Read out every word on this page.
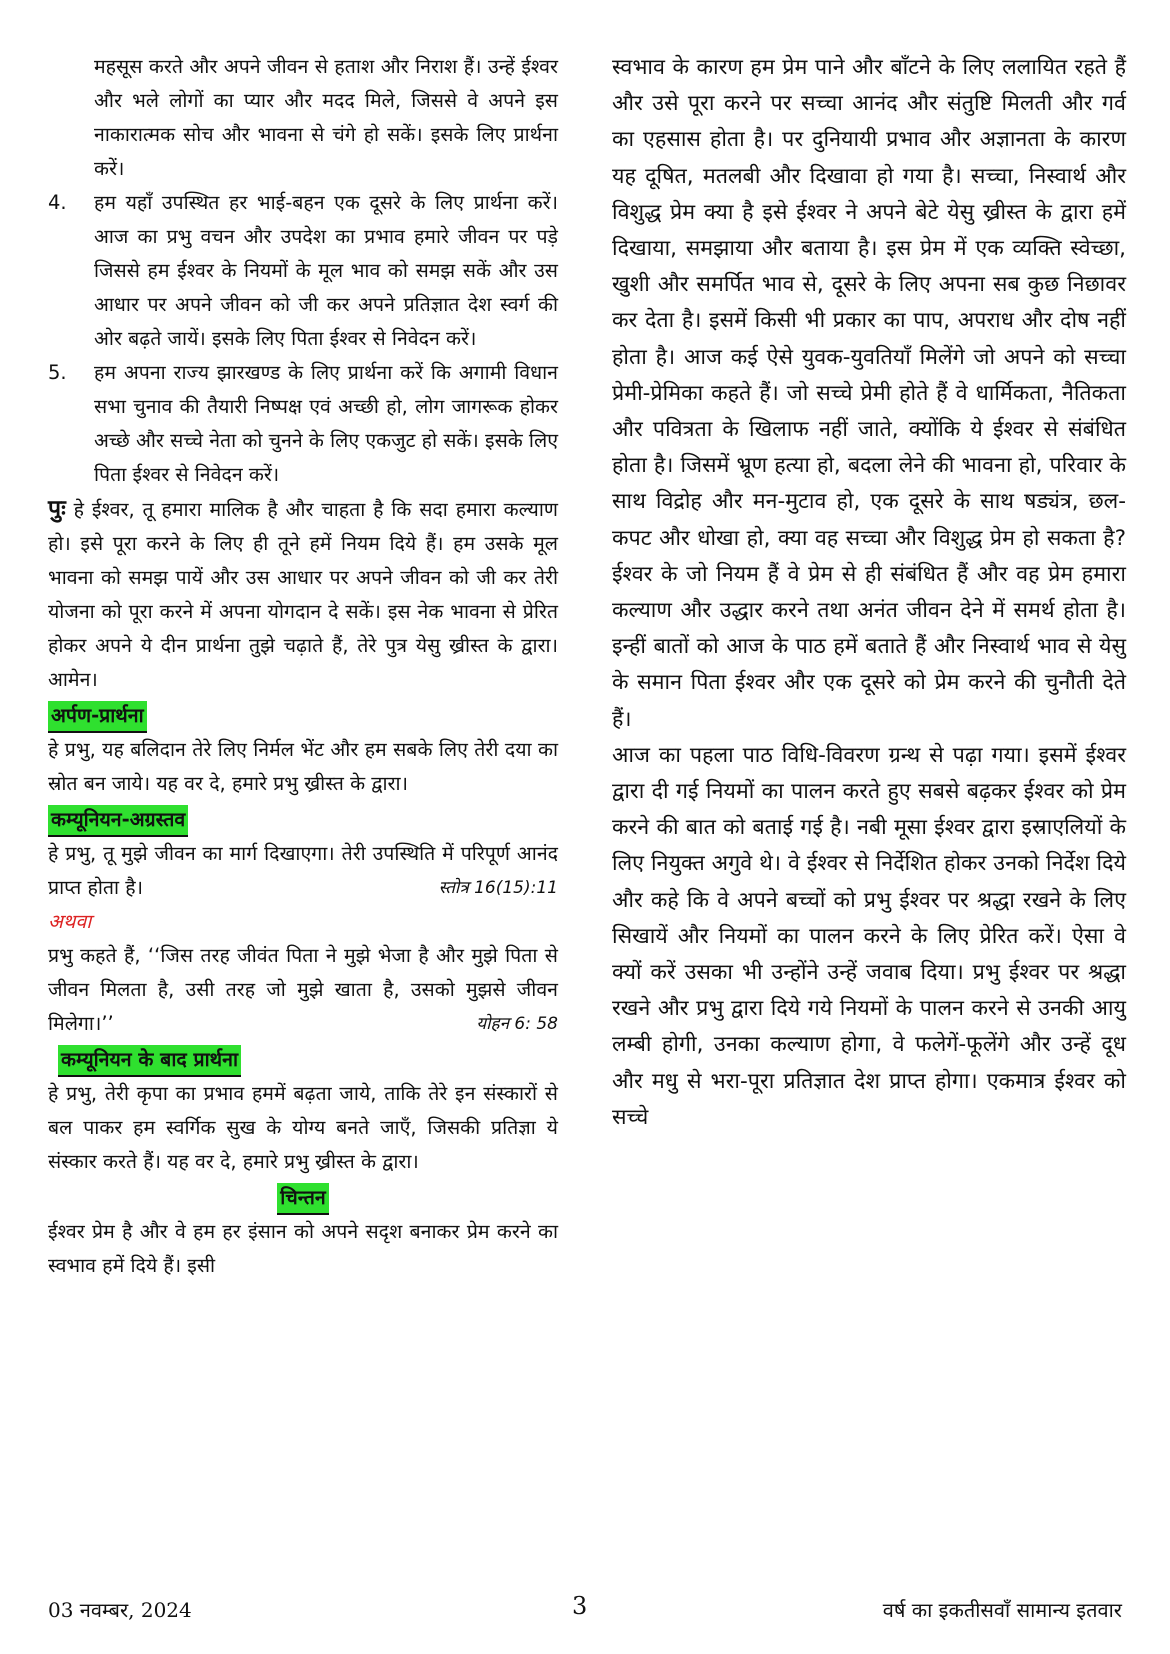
महसूस करते और अपने जीवन से हताश और निराश हैं। उन्हें ईश्वर और भले लोगों का प्यार और मदद मिले, जिससे वे अपने इस नाकारात्मक सोच और भावना से चंगे हो सकें। इसके लिए प्रार्थना करें।

4.	हम यहाँ उपस्थित हर भाई-बहन एक दूसरे के लिए प्रार्थना करें। आज का प्रभु वचन और उपदेश का प्रभाव हमारे जीवन पर पड़े जिससे हम ईश्वर के नियमों के मूल भाव को समझ सकें और उस आधार पर अपने जीवन को जी कर अपने प्रतिज्ञात देश स्वर्ग की ओर बढ़ते जायें। इसके लिए पिता ईश्वर से निवेदन करें।
5.	हम अपना राज्य झारखण्ड के लिए प्रार्थना करें कि अगामी विधान सभा चुनाव की तैयारी निष्पक्ष एवं अच्छी हो, लोग जागरूक होकर अच्छे और सच्चे नेता को चुनने के लिए एकजुट हो सकें। इसके लिए पिता ईश्वर से निवेदन करें।

पुः हे ईश्वर, तू हमारा मालिक है और चाहता है कि सदा हमारा कल्याण हो। इसे पूरा करने के लिए ही तूने हमें नियम दिये हैं। हम उसके मूल भावना को समझ पायें और उस आधार पर अपने जीवन को जी कर तेरी योजना को पूरा करने में अपना योगदान दे सकें। इस नेक भावना से प्रेरित होकर अपने ये दीन प्रार्थना तुझे चढ़ाते हैं, तेरे पुत्र येसु ख्रीस्त के द्वारा। आमेन।

अर्पण-प्रार्थना

हे प्रभु, यह बलिदान तेरे लिए निर्मल भेंट और हम सबके लिए तेरी दया का स्रोत बन जाये। यह वर दे, हमारे प्रभु ख्रीस्त के द्वारा।

कम्यूनियन-अग्रस्तव

हे प्रभु, तू मुझे जीवन का मार्ग दिखाएगा। तेरी उपस्थिति में परिपूर्ण आनंद प्राप्त होता है।	स्तोत्र 16(15):11

अथवा

प्रभु कहते हैं, ‘‘जिस तरह जीवंत पिता ने मुझे भेजा है और मुझे पिता से जीवन मिलता है, उसी तरह जो मुझे खाता है, उसको मुझसे जीवन मिलेगा।’’	योहन 6: 58

कम्यूनियन के बाद प्रार्थना

हे प्रभु, तेरी कृपा का प्रभाव हममें बढ़ता जाये, ताकि तेरे इन संस्कारों से बल पाकर हम स्वर्गिक सुख के योग्य बनते जाएँ, जिसकी प्रतिज्ञा ये संस्कार करते हैं। यह वर दे, हमारे प्रभु ख्रीस्त के द्वारा।

चिन्तन

ईश्वर प्रेम है और वे हम हर इंसान को अपने सदृश बनाकर प्रेम करने का स्वभाव हमें दिये हैं। इसी

स्वभाव के कारण हम प्रेम पाने और बाँटने के लिए ललायित रहते हैं और उसे पूरा करने पर सच्चा आनंद और संतुष्टि मिलती और गर्व का एहसास होता है। पर दुनियायी प्रभाव और अज्ञानता के कारण यह दूषित, मतलबी और दिखावा हो गया है। सच्चा, निस्वार्थ और विशुद्ध प्रेम क्या है इसे ईश्वर ने अपने बेटे येसु ख्रीस्त के द्वारा हमें दिखाया, समझाया और बताया है। इस प्रेम में एक व्यक्ति स्वेच्छा, खुशी और समर्पित भाव से, दूसरे के लिए अपना सब कुछ निछावर कर देता है। इसमें किसी भी प्रकार का पाप, अपराध और दोष नहीं होता है। आज कई ऐसे युवक-युवतियाँ मिलेंगे जो अपने को सच्चा प्रेमी-प्रेमिका कहते हैं। जो सच्चे प्रेमी होते हैं वे धार्मिकता, नैतिकता और पवित्रता के खिलाफ नहीं जाते, क्योंकि ये ईश्वर से संबंधित होता है। जिसमें भ्रूण हत्या हो, बदला लेने की भावना हो, परिवार के साथ विद्रोह और मन-मुटाव हो, एक दूसरे के साथ षड्यंत्र, छल-कपट और धोखा हो, क्या वह सच्चा और विशुद्ध प्रेम हो सकता है? ईश्वर के जो नियम हैं वे प्रेम से ही संबंधित हैं और वह प्रेम हमारा कल्याण और उद्धार करने तथा अनंत जीवन देने में समर्थ होता है। इन्हीं बातों को आज के पाठ हमें बताते हैं और निस्वार्थ भाव से येसु के समान पिता ईश्वर और एक दूसरे को प्रेम करने की चुनौती देते हैं।

आज का पहला पाठ विधि-विवरण ग्रन्थ से पढ़ा गया। इसमें ईश्वर द्वारा दी गई नियमों का पालन करते हुए सबसे बढ़कर ईश्वर को प्रेम करने की बात को बताई गई है। नबी मूसा ईश्वर द्वारा इस्राएलियों के लिए नियुक्त अगुवे थे। वे ईश्वर से निर्देशित होकर उनको निर्देश दिये और कहे कि वे अपने बच्चों को प्रभु ईश्वर पर श्रद्धा रखने के लिए सिखायें और नियमों का पालन करने के लिए प्रेरित करें। ऐसा वे क्यों करें उसका भी उन्होंने उन्हें जवाब दिया। प्रभु ईश्वर पर श्रद्धा रखने और प्रभु द्वारा दिये गये नियमों के पालन करने से उनकी आयु लम्बी होगी, उनका कल्याण होगा, वे फलेगें-फूलेंगे और उन्हें दूध और मधु से भरा-पूरा प्रतिज्ञात देश प्राप्त होगा। एकमात्र ईश्वर को सच्चे

03 नवम्बर, 2024	3	वर्ष का इकतीसवाँ सामान्य इतवार
